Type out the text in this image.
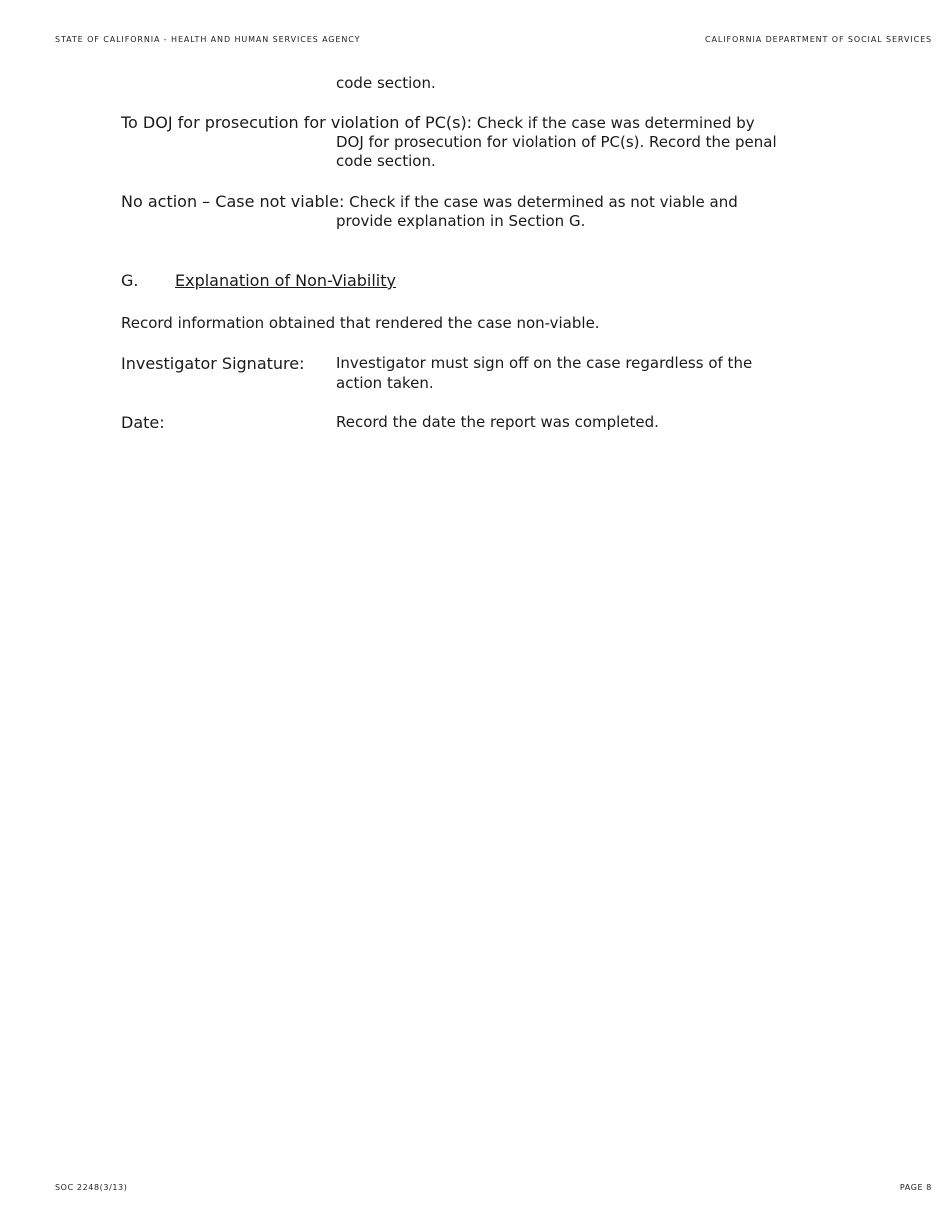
STATE OF CALIFORNIA - HEALTH AND HUMAN SERVICES AGENCY	CALIFORNIA DEPARTMENT OF SOCIAL SERVICES
code section.
To DOJ for prosecution for violation of PC(s): Check if the case was determined by
DOJ for prosecution for violation of PC(s). Record the penal
code section.
No action – Case not viable: Check if the case was determined as not viable and
provide explanation in Section G.
G. Explanation of Non-Viability
Record information obtained that rendered the case non-viable.
Investigator Signature: Investigator must sign off on the case regardless of the
action taken.
Date:	Record the date the report was completed.
SOC 2248(3/13)	PAGE 8
